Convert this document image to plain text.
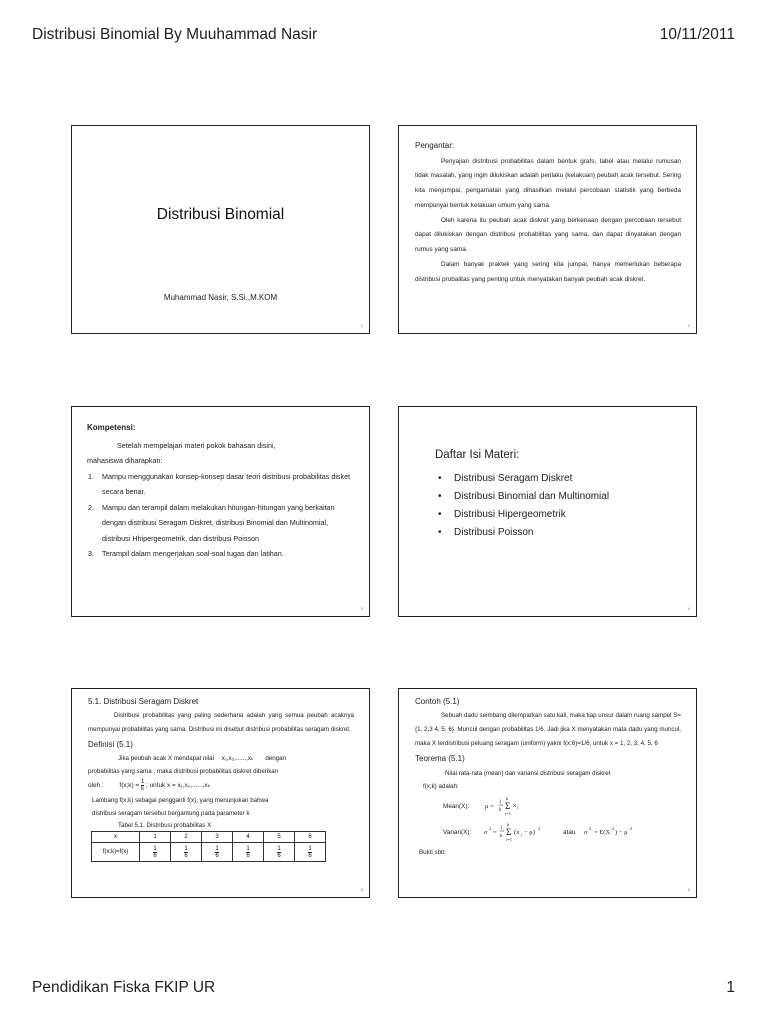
Distribusi Binomial By Muuhammad Nasir	10/11/2011
Distribusi Binomial
Muhammad Nasir, S.Si.,M.KOM
1

Pengantar:

Penyajian distribusi probabilitas dalam bentuk grafs, tabel atau melalui rumusan tidak masalah, yang ingin dilukiskan adalah perilaku (kelakuan) peubah acak tersebut. Sering kita menjumpai, pengamatan yang dihasilkan melalui percobaan statistik yang berbeda mempunyai bentuk kelakuan umum yang sama.

Oleh karena itu peubah acak diskret yang berkenaan dengan percobaan tersebut dapat dilukiskan dengan distribusi probabilitas yang sama, dan dapat dinyatakan dengan rumus yang sama.

Dalam banyak praktek yang sering kita jumpai, hanya memerlukan beberapa distribusi probalitas yang penting untuk menyatakan banyak peubah acak diskret.

2

Kompetensi:

Setelah mempelajari materi pokok bahasan disini,

mahasiswa diharapkan:

1. Mampu menggunakan konsep-konsep dasar teori distribusi probabilitas disket secara benar.
2. Mampu dan terampil dalam melakukan hitungan-hitungan yang berkaitan dengan distribusi Seragam Diskret, distribusi Binomial dan Multinomial, distribusi Hhipergeometrik, dan distribusi Poisson
3. Terampil dalam mengerjakan soal-soal tugas dan latihan.
3
Daftar Isi Materi:
• Distribusi Seragam Diskret
• Distribusi Binomial dan Multinomial
• Distribusi Hipergeometrik
• Distribusi Poisson
4

5.1. Distribusi Seragam Diskret

Distribusi probabilitas yang paling sederhana adalah yang semua peubah acaknya mempunyai probabilitas yang sama. Distribusi ini disebut distribusi probabilitas seragam diskret.

Definisi (5.1)

Jika peubah acak X mendapat nilai x₁,x₂,......,xₖ dengan

probabilitas yang sama , maka distribusi probabilitas diskret diberikan

oleh : f(x;k) = $\frac{1}{k}$ ; untuk x = x₁,x₂,......,xₖ

Lambang f(x;k) sebagai pengganti f(x), yang menunjukan bahwa

distribusi seragam tersebut bergantung pada parameter k

Tabel 5.1. Distribusi probabilitas X

x	1	2	3	4	5	6
f(x;k)=f(x)	$\frac{1}{6}$	$\frac{1}{6}$	$\frac{1}{6}$	$\frac{1}{6}$	$\frac{1}{6}$	$\frac{1}{6}$
5

Contoh (5.1)

Sebuah dadu seimbang dilemparkan satu kali, maka tiap unsur dalam ruang sampel S={1, 2,3 4, 5, 6}. Muncul dengan probabilitas 1/6. Jadi jika X menyatakan mata dadu yang muncul, maka X terdistribusi peluang seragam (uniform) yakni f(x;6)=1/6, untuk x = 1, 2, 3, 4, 5, 6

Teorema (5.1)

Nilai rata-rata (mean) dan variansi distribusi seragam diskret

f(x;k) adalah:

Mean(X): μ =
1
k
k
Σ
i=1
x i
Varian(X): σ
2
=
1
k
k
Σ
i=1
(x i − μ)
2
atau σ
2
= E(X
2
) − μ
2

Bukti sbb:

6
Pendidikan Fiska FKIP UR	1
